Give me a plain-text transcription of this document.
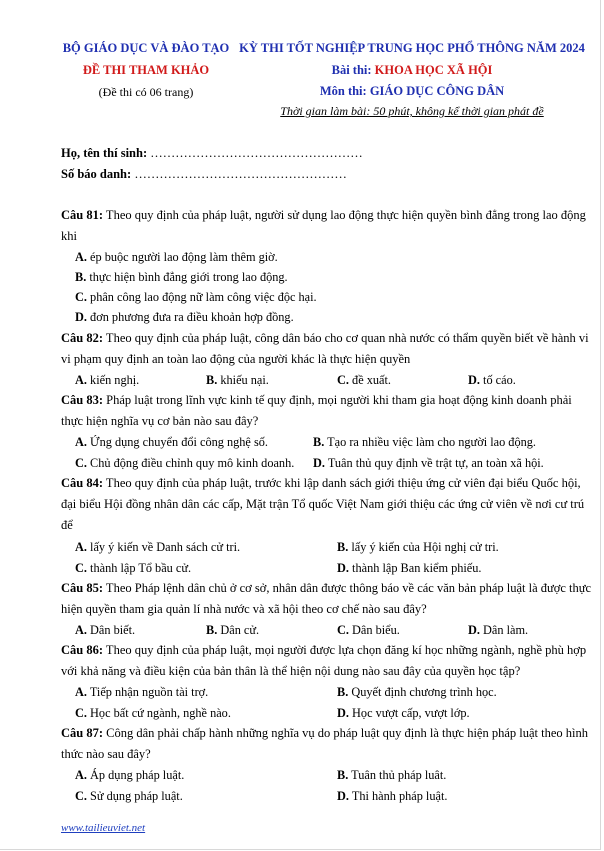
BỘ GIÁO DỤC VÀ ĐÀO TẠO
ĐỀ THI THAM KHẢO
(Đề thi có 06 trang)
KỲ THI TỐT NGHIỆP TRUNG HỌC PHỔ THÔNG NĂM 2024
Bài thi: KHOA HỌC XÃ HỘI
Môn thi: GIÁO DỤC CÔNG DÂN
Thời gian làm bài: 50 phút, không kể thời gian phát đề
Họ, tên thí sinh: ……………………………………………
Số báo danh: ……………………………………………
Câu 81: Theo quy định của pháp luật, người sử dụng lao động thực hiện quyền bình đẳng trong lao động
khi
A. ép buộc người lao động làm thêm giờ.
B. thực hiện bình đẳng giới trong lao động.
C. phân công lao động nữ làm công việc độc hại.
D. đơn phương đưa ra điều khoản hợp đồng.
Câu 82: Theo quy định của pháp luật, công dân báo cho cơ quan nhà nước có thẩm quyền biết về hành vi
vi phạm quy định an toàn lao động của người khác là thực hiện quyền
A. kiến nghị.	B. khiếu nại.	C. đề xuất.	D. tố cáo.
Câu 83: Pháp luật trong lĩnh vực kinh tế quy định, mọi người khi tham gia hoạt động kinh doanh phải
thực hiện nghĩa vụ cơ bản nào sau đây?
A. Ứng dụng chuyển đổi công nghệ số.	B. Tạo ra nhiều việc làm cho người lao động.
C. Chủ động điều chỉnh quy mô kinh doanh. D. Tuân thủ quy định về trật tự, an toàn xã hội.
Câu 84: Theo quy định của pháp luật, trước khi lập danh sách giới thiệu ứng cử viên đại biểu Quốc hội,
đại biểu Hội đồng nhân dân các cấp, Mặt trận Tổ quốc Việt Nam giới thiệu các ứng cử viên về nơi cư trú
để
A. lấy ý kiến về Danh sách cử tri.	B. lấy ý kiến của Hội nghị cử tri.
C. thành lập Tổ bầu cử.	D. thành lập Ban kiểm phiếu.
Câu 85: Theo Pháp lệnh dân chủ ở cơ sở, nhân dân được thông báo về các văn bản pháp luật là được thực
hiện quyền tham gia quản lí nhà nước và xã hội theo cơ chế nào sau đây?
A. Dân biết.	B. Dân cử.	C. Dân biểu.	D. Dân làm.
Câu 86: Theo quy định của pháp luật, mọi người được lựa chọn đăng kí học những ngành, nghề phù hợp
với khả năng và điều kiện của bản thân là thể hiện nội dung nào sau đây của quyền học tập?
A. Tiếp nhận nguồn tài trợ.	B. Quyết định chương trình học.
C. Học bất cứ ngành, nghề nào.	D. Học vượt cấp, vượt lớp.
Câu 87: Công dân phải chấp hành những nghĩa vụ do pháp luật quy định là thực hiện pháp luật theo hình
thức nào sau đây?
A. Áp dụng pháp luật.	B. Tuân thủ pháp luât.
C. Sử dụng pháp luật.	D. Thi hành pháp luật.
www.tailieuviet.net
